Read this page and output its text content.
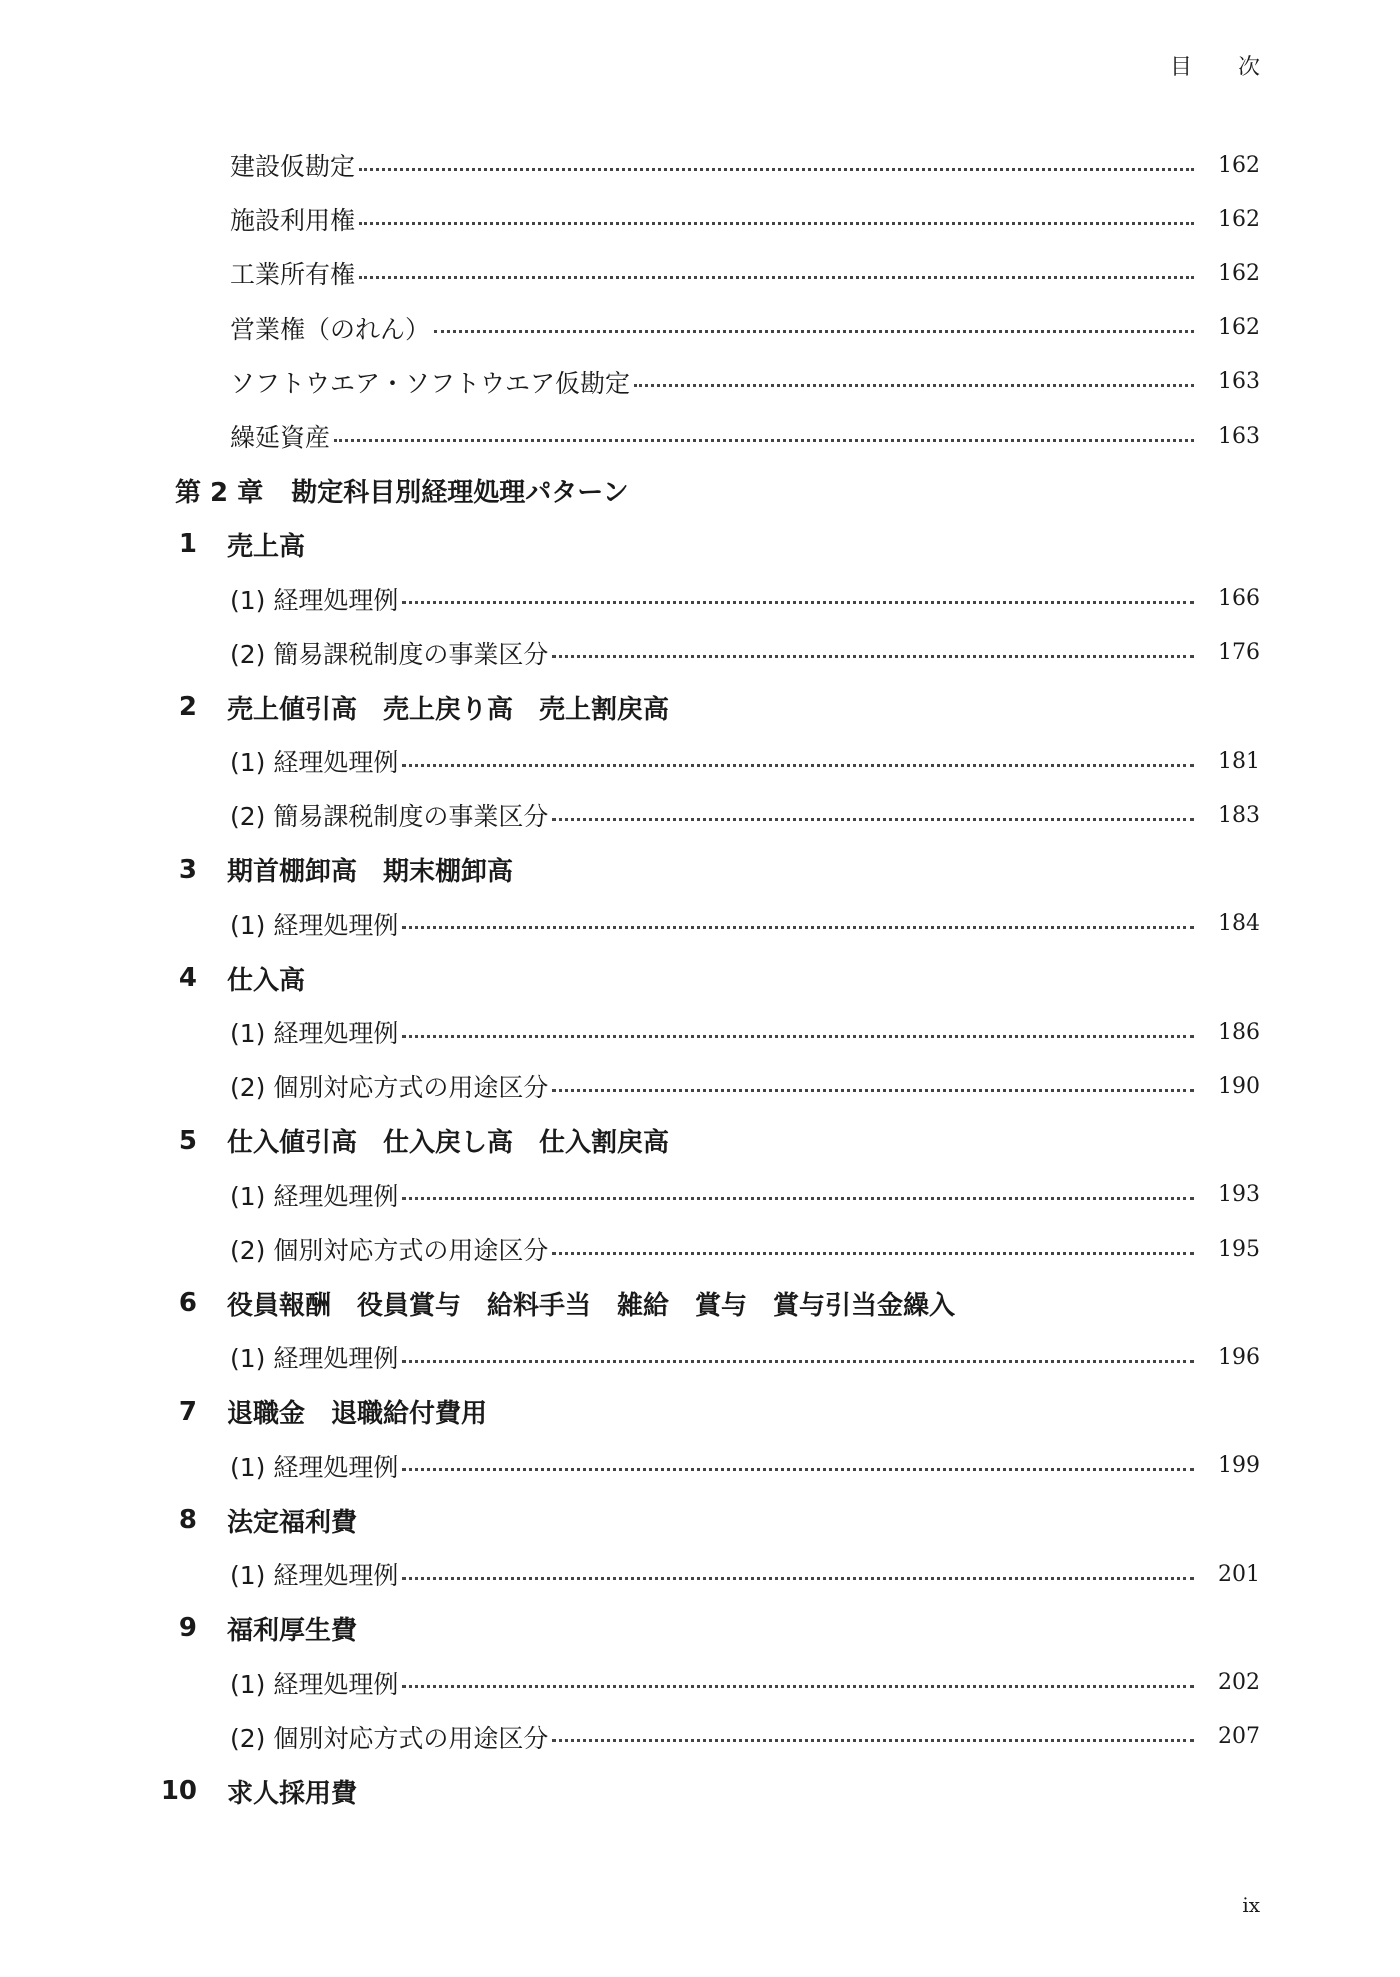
目 次
建設仮勘定	162
施設利用権	162
工業所有権	162
営業権（のれん）	162
ソフトウエア・ソフトウエア仮勘定	163
繰延資産	163
第 2 章 勘定科目別経理処理パターン
1	売上高
(1) 経理処理例	166
(2) 簡易課税制度の事業区分	176
2	売上値引高　売上戻り高　売上割戻高
(1) 経理処理例	181
(2) 簡易課税制度の事業区分	183
3	期首棚卸高　期末棚卸高
(1) 経理処理例	184
4	仕入高
(1) 経理処理例	186
(2) 個別対応方式の用途区分	190
5	仕入値引高　仕入戻し高　仕入割戻高
(1) 経理処理例	193
(2) 個別対応方式の用途区分	195
6	役員報酬　役員賞与　給料手当　雑給　賞与　賞与引当金繰入
(1) 経理処理例	196
7	退職金　退職給付費用
(1) 経理処理例	199
8	法定福利費
(1) 経理処理例	201
9	福利厚生費
(1) 経理処理例	202
(2) 個別対応方式の用途区分	207
10	求人採用費
ix
